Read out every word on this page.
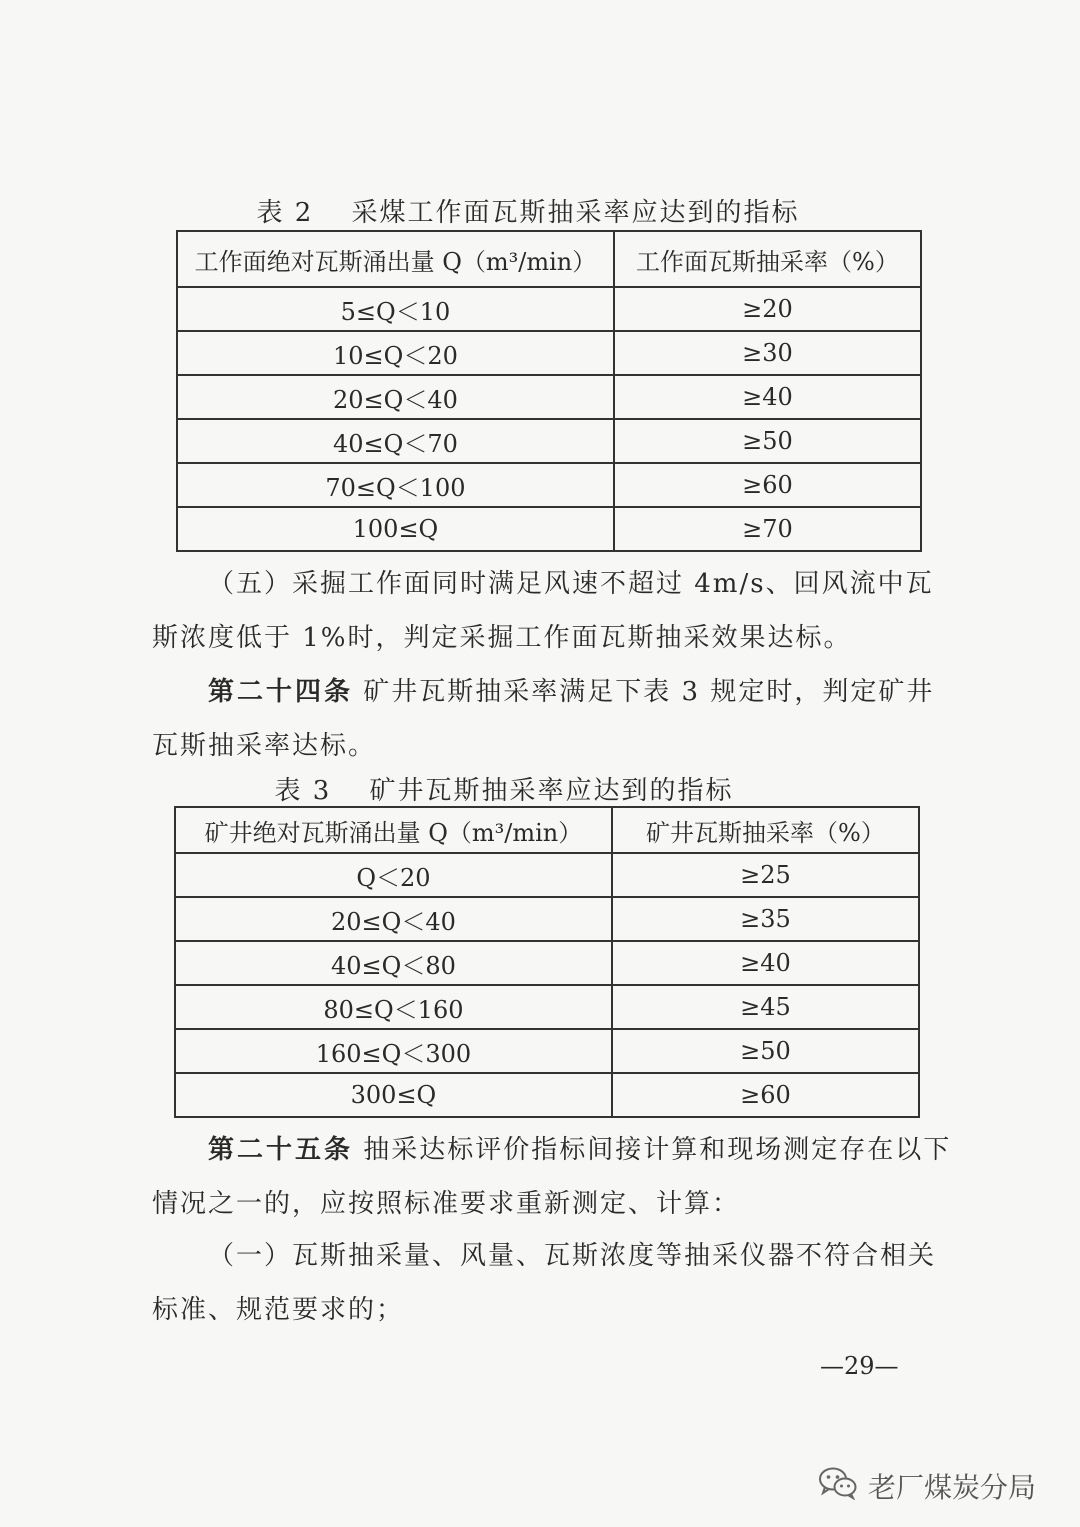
表 2　 采煤工作面瓦斯抽采率应达到的指标
工作面绝对瓦斯涌出量 Q（m³/min）	工作面瓦斯抽采率（%）
5≤Q＜10	≥20
10≤Q＜20	≥30
20≤Q＜40	≥40
40≤Q＜70	≥50
70≤Q＜100	≥60
100≤Q	≥70
（五）采掘工作面同时满足风速不超过 4m/s、回风流中瓦斯浓度低于 1%时，判定采掘工作面瓦斯抽采效果达标。
第二十四条 矿井瓦斯抽采率满足下表 3 规定时，判定矿井瓦斯抽采率达标。
表 3　 矿井瓦斯抽采率应达到的指标
矿井绝对瓦斯涌出量 Q（m³/min）	矿井瓦斯抽采率（%）
Q＜20	≥25
20≤Q＜40	≥35
40≤Q＜80	≥40
80≤Q＜160	≥45
160≤Q＜300	≥50
300≤Q	≥60
第二十五条 抽采达标评价指标间接计算和现场测定存在以下情况之一的，应按照标准要求重新测定、计算：
（一）瓦斯抽采量、风量、瓦斯浓度等抽采仪器不符合相关标准、规范要求的；
—29—
老厂煤炭分局
